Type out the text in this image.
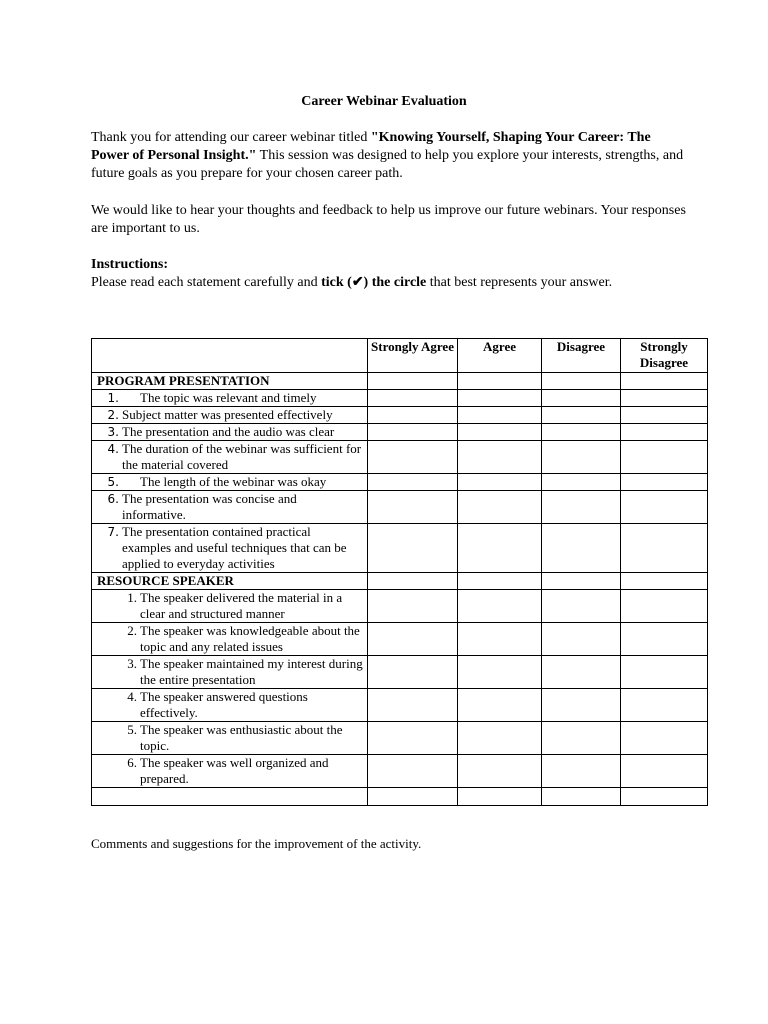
Career Webinar Evaluation
Thank you for attending our career webinar titled "Knowing Yourself, Shaping Your Career: The Power of Personal Insight." This session was designed to help you explore your interests, strengths, and future goals as you prepare for your chosen career path.
We would like to hear your thoughts and feedback to help us improve our future webinars. Your responses are important to us.
Instructions:
Please read each statement carefully and tick (✔) the circle that best represents your answer.
	Strongly Agree	Agree	Disagree	Strongly Disagree
PROGRAM PRESENTATION				

1. The topic was relevant and timely				

2. Subject matter was presented effectively				

3. The presentation and the audio was clear				

4. The duration of the webinar was sufficient for the material covered				

5. The length of the webinar was okay				

6. The presentation was concise and informative.				

7. The presentation contained practical examples and useful techniques that can be applied to everyday activities				

RESOURCE SPEAKER				

1. The speaker delivered the material in a clear and structured manner				

2. The speaker was knowledgeable about the topic and any related issues				

3. The speaker maintained my interest during the entire presentation				

4. The speaker answered questions effectively.				

5. The speaker was enthusiastic about the topic.				

6. The speaker was well organized and prepared.				

Comments and suggestions for the improvement of the activity.
